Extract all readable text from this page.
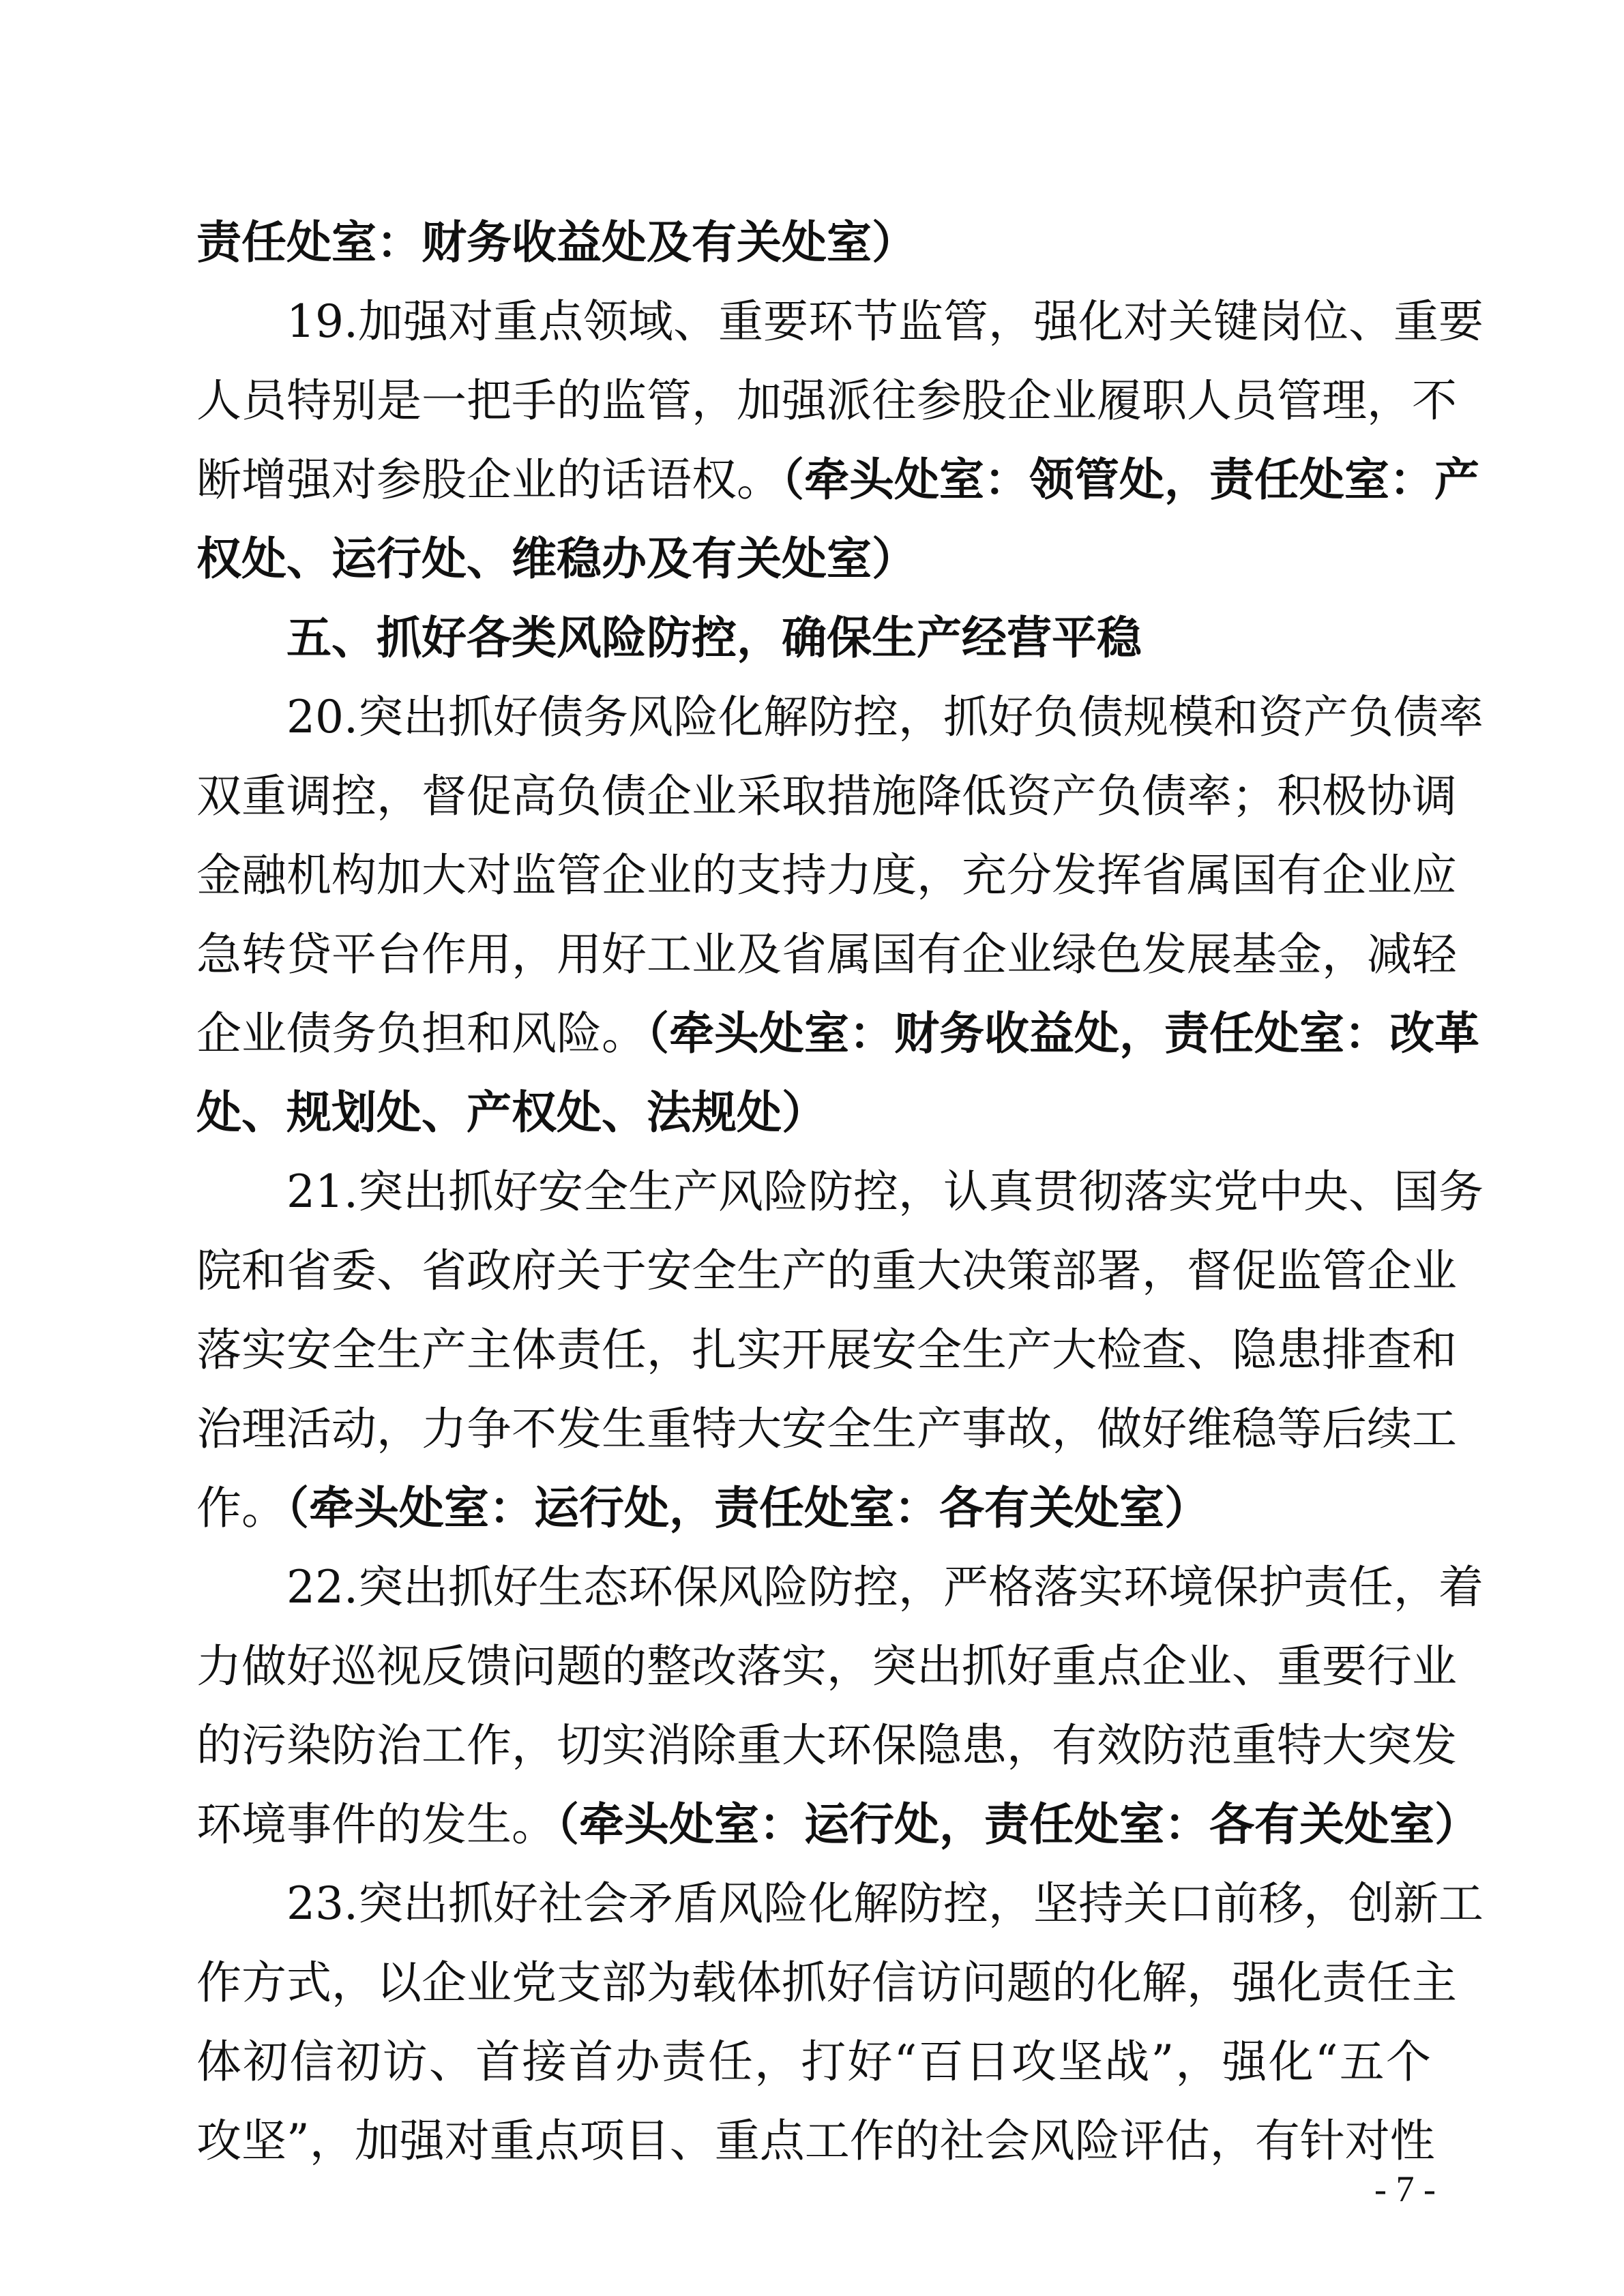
责任处室：财务收益处及有关处室）
19.加强对重点领域、重要环节监管，强化对关键岗位、重要
人员特别是一把手的监管，加强派往参股企业履职人员管理，不
断增强对参股企业的话语权。（牵头处室：领管处，责任处室：产
权处、运行处、维稳办及有关处室）
五、抓好各类风险防控，确保生产经营平稳
20.突出抓好债务风险化解防控，抓好负债规模和资产负债率
双重调控，督促高负债企业采取措施降低资产负债率；积极协调
金融机构加大对监管企业的支持力度，充分发挥省属国有企业应
急转贷平台作用，用好工业及省属国有企业绿色发展基金，减轻
企业债务负担和风险。（牵头处室：财务收益处，责任处室：改革
处、规划处、产权处、法规处）
21.突出抓好安全生产风险防控，认真贯彻落实党中央、国务
院和省委、省政府关于安全生产的重大决策部署，督促监管企业
落实安全生产主体责任，扎实开展安全生产大检查、隐患排查和
治理活动，力争不发生重特大安全生产事故，做好维稳等后续工
作。（牵头处室：运行处，责任处室：各有关处室）
22.突出抓好生态环保风险防控，严格落实环境保护责任，着
力做好巡视反馈问题的整改落实，突出抓好重点企业、重要行业
的污染防治工作，切实消除重大环保隐患，有效防范重特大突发
环境事件的发生。（牵头处室：运行处，责任处室：各有关处室）
23.突出抓好社会矛盾风险化解防控，坚持关口前移，创新工
作方式，以企业党支部为载体抓好信访问题的化解，强化责任主
体初信初访、首接首办责任，打好“百日攻坚战”，强化“五个
攻坚”，加强对重点项目、重点工作的社会风险评估，有针对性
- 7 -
